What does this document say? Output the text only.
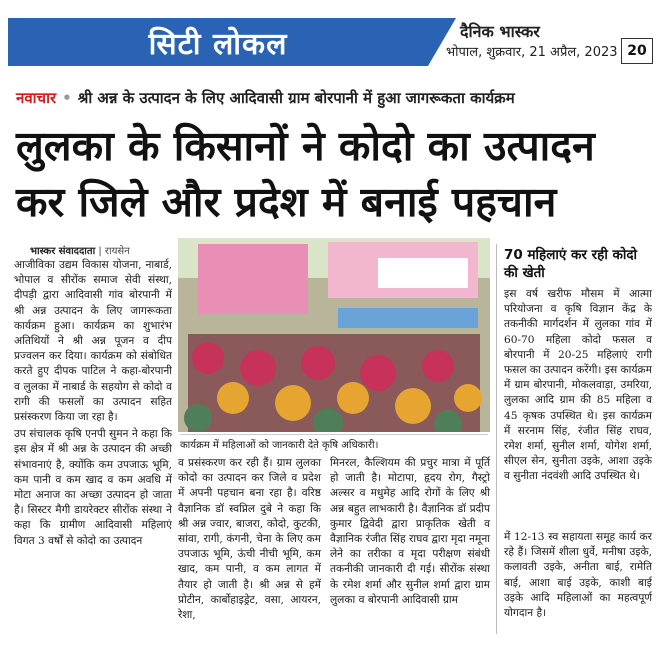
सिटी लोकल	दैनिक भास्कर
भोपाल, शुक्रवार, 21 अप्रैल, 2023 20
नवाचार • श्री अन्न के उत्पादन के लिए आदिवासी ग्राम बोरपानी में हुआ जागरूकता कार्यक्रम
लुलका के किसानों ने कोदो का उत्पादन कर जिले और प्रदेश में बनाई पहचान
भास्कर संवाददाता | रायसेन

आजीविका उद्यम विकास योजना, नाबार्ड, भोपाल व सीरोंक समाज सेवी संस्था, दीपड़ी द्वारा आदिवासी गांव बोरपानी में श्री अन्न उत्पादन के लिए जागरूकता कार्यक्रम हुआ। कार्यक्रम का शुभारंभ अतिथियों ने श्री अन्न पूजन व दीप प्रज्वलन कर दिया। कार्यक्रम को संबोधित करते हुए दीपक पाटिल ने कहा-बोरपानी व लुलका में नाबार्ड के सहयोग से कोदो व रागी की फसलों का उत्पादन सहित प्रसंस्करण किया जा रहा है।

उप संचालक कृषि एनपी सुमन ने कहा कि इस क्षेत्र में श्री अन्न के उत्पादन की अच्छी संभावनाएं है, क्योंकि कम उपजाऊ भूमि, कम पानी व कम खाद व कम अवधि में मोटा अनाज का अच्छा उत्पादन हो जाता है। सिस्टर मैगी डायरेक्टर सीरोंक संस्था ने कहा कि ग्रामीण आदिवासी महिलाएं विगत 3 वर्षों से कोदो का उत्पादन

कार्यक्रम में महिलाओं को जानकारी देते कृषि अधिकारी।

व प्रसंस्करण कर रही हैं। ग्राम लुलका कोदो का उत्पादन कर जिले व प्रदेश में अपनी पहचान बना रहा है। वरिष्ठ वैज्ञानिक डॉ स्वप्निल दुबे ने कहा कि श्री अन्न ज्वार, बाजरा, कोदो, कुटकी, सांवा, रागी, कंगनी, चेना के लिए कम उपजाऊ भूमि, ऊंची नीची भूमि, कम खाद, कम पानी, व कम लागत में तैयार हो जाती है। श्री अन्न से हमें प्रोटीन, कार्बोहाइड्रेट, वसा, आयरन, रेशा,

मिनरल, कैल्शियम की प्रचुर मात्रा में पूर्ति हो जाती है। मोटापा, हृदय रोग, गैस्ट्रो अल्सर व मधुमेह आदि रोगों के लिए श्री अन्न बहुत लाभकारी है। वैज्ञानिक डॉ प्रदीप कुमार द्विवेदी द्वारा प्राकृतिक खेती व वैज्ञानिक रंजीत सिंह राघव द्वारा मृदा नमूना लेने का तरीका व मृदा परीक्षण संबंधी तकनीकी जानकारी दी गई। सीरोंक संस्था के रमेश शर्मा और सुनील शर्मा द्वारा ग्राम लुलका व बोरपानी आदिवासी ग्राम

70 महिलाएं कर रही कोदो की खेती

इस वर्ष खरीफ मौसम में आत्मा परियोजना व कृषि विज्ञान केंद्र के तकनीकी मार्गदर्शन में लुलका गांव में 60-70 महिला कोदो फसल व बोरपानी में 20-25 महिलाएं रागी फसल का उत्पादन करेंगी। इस कार्यक्रम में ग्राम बोरपानी, मोकलवाड़ा, उमरिया, लुलका आदि ग्राम की 85 महिला व 45 कृषक उपस्थित थे। इस कार्यक्रम में सरनाम सिंह, रंजीत सिंह राघव, रमेश शर्मा, सुनील शर्मा, योगेश शर्मा, सीएल सेन, सुनीता उइके, आशा उइके व सुनीता नंदवंशी आदि उपस्थित थे।

में 12-13 स्व सहायता समूह कार्य कर रहे हैं। जिसमें शीला धुर्वे, मनीषा उइके, कलावती उइके, अनीता बाई, रामेति बाई, आशा बाई उइके, काशी बाई उइके आदि महिलाओं का महत्वपूर्ण योगदान है।
